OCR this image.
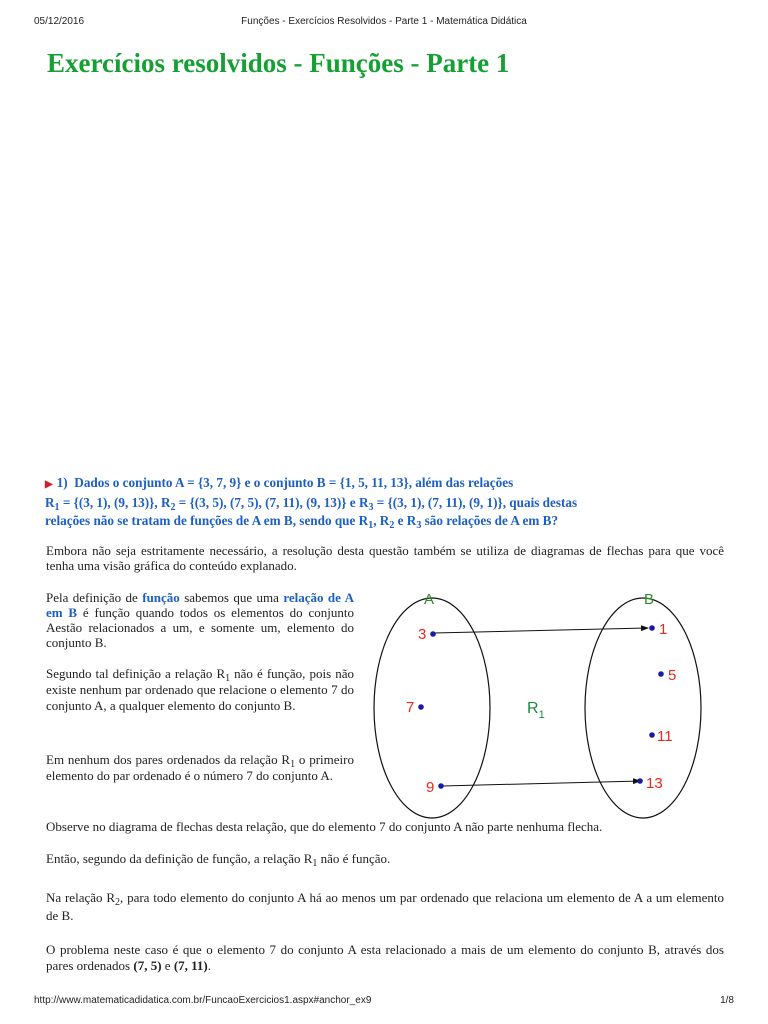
05/12/2016	Funções - Exercícios Resolvidos - Parte 1 - Matemática Didática
Exercícios resolvidos - Funções - Parte 1
▶ 1) Dados o conjunto A = {3, 7, 9} e o conjunto B = {1, 5, 11, 13}, além das relações
$R_1 = \{(3$, 1), (9, 13)}, $R_2 = \{(3$, 5), (7, 5), (7, 11), (9, 13)} e $R_3 = \{(3$, 1), (7, 11), (9, 1)}, quais destas
relações não se tratam de funções de A em B, sendo que $R_1$, $R_2$ e $R_3$ são relações de A em B?

Embora não seja estritamente necessário, a resolução desta questão também se utiliza de diagramas de flechas para que você tenha uma visão gráfica do conteúdo explanado.

Pela definição de função sabemos que uma relação de A em B é função quando todos os elementos do conjunto Aestão relacionados a um, e somente um, elemento do conjunto B.

Segundo tal definição a relação $R_1$ não é função, pois não existe nenhum par ordenado que relacione o elemento 7 do conjunto A, a qualquer elemento do conjunto B.

Em nenhum dos pares ordenados da relação $R_1$ o primeiro elemento do par ordenado é o número 7 do conjunto A.

Observe no diagrama de flechas desta relação, que do elemento 7 do conjunto A não parte nenhuma flecha.

Então, segundo da definição de função, a relação $R_1$ não é função.

Na relação $R_2$, para todo elemento do conjunto A há ao menos um par ordenado que relaciona um elemento de A a um elemento de B.

O problema neste caso é que o elemento 7 do conjunto A esta relacionado a mais de um elemento do conjunto B, através dos pares ordenados (7, 5) e (7, 11).

A	B
$R_1$
3
7
9
1
5
11
13
http://www.matematicadidatica.com.br/FuncaoExercicios1.aspx#anchor_ex9	1/8
